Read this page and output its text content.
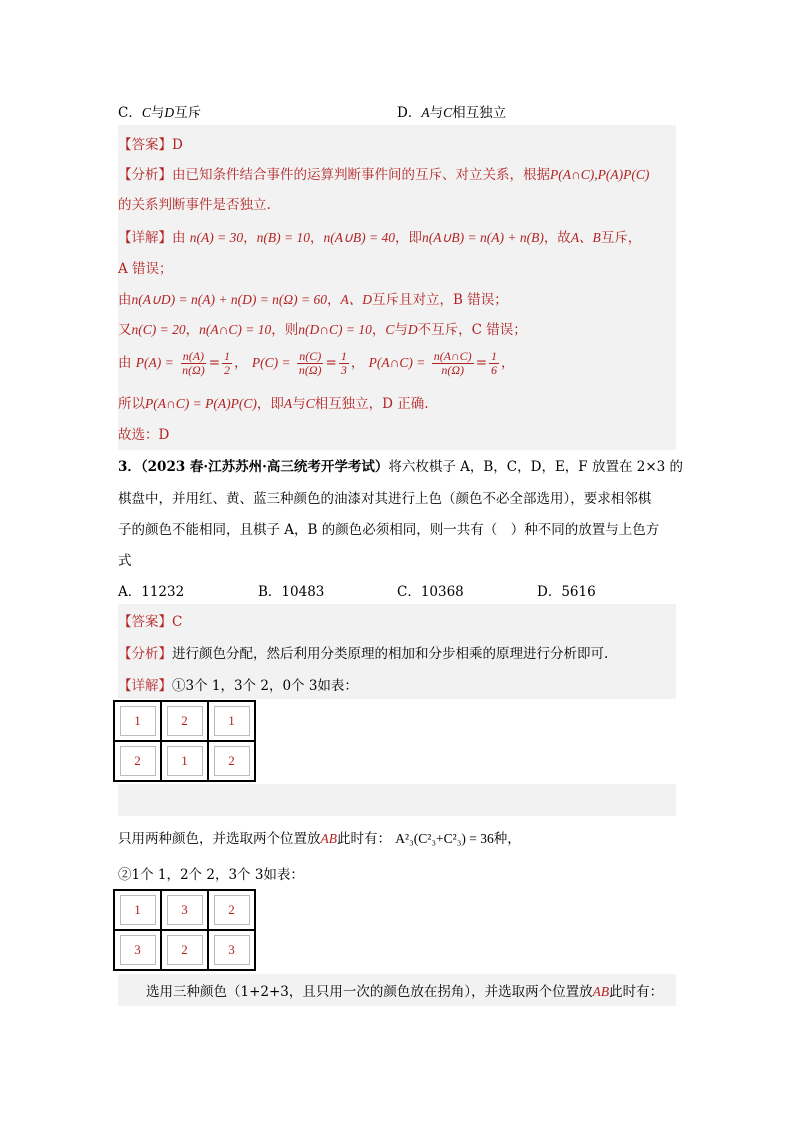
C．C与D互斥	D．A与C相互独立
【答案】D
【分析】由已知条件结合事件的运算判断事件间的互斥、对立关系，根据P(A∩C),P(A)P(C)
的关系判断事件是否独立.
【详解】由 n(A) = 30，n(B) = 10，n(A∪B) = 40，即n(A∪B) = n(A) + n(B)，故A、B互斥，
A 错误；
由n(A∪D) = n(A) + n(D) = n(Ω) = 60，A、D互斥且对立，B 错误；
又n(C) = 20，n(A∩C) = 10，则n(D∩C) = 10，C与D不互斥，C 错误；
由 $P(A) = \frac{n(A)}{n(\Omega)} = \frac{1}{2}$ ， $P(C) = \frac{n(C)}{n(\Omega)} = \frac{1}{3}$ ， P(A∩C) = $\frac{n(A\cap C)}{n(\Omega)} = \frac{1}{6}$ ，
所以P(A∩C) = P(A)P(C)，即A与C相互独立，D 正确.
故选：D
3．（2023 春·江苏苏州·高三统考开学考试）将六枚棋子 A，B，C，D，E，F 放置在 2×3 的
棋盘中，并用红、黄、蓝三种颜色的油漆对其进行上色（颜色不必全部选用），要求相邻棋
子的颜色不能相同，且棋子 A，B 的颜色必须相同，则一共有（　）种不同的放置与上色方
式
A．11232	B．10483	C．10368	D．5616
【答案】C
【分析】进行颜色分配，然后利用分类原理的相加和分步相乘的原理进行分析即可.
【详解】①3个 1，3个 2，0个 3如表：
1	2	1
2	1	2
只用两种颜色，并选取两个位置放AB此时有： A²₃(C²₃+C²₃) = 36种，
②1个 1，2个 2，3个 3如表：
1	3	2
3	2	3
选用三种颜色（1+2+3，且只用一次的颜色放在拐角），并选取两个位置放AB此时有：
